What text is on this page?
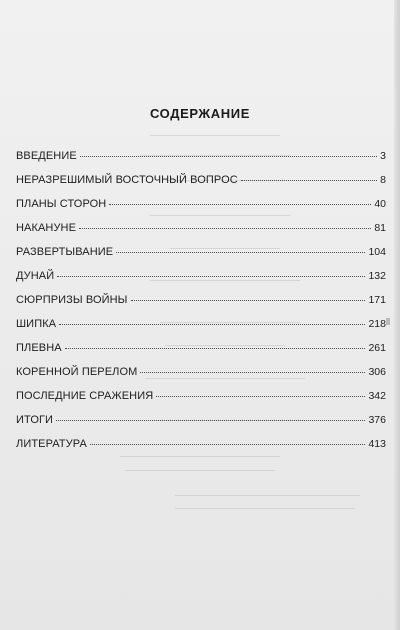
СОДЕРЖАНИЕ
ВВЕДЕНИЕ	3
НЕРАЗРЕШИМЫЙ ВОСТОЧНЫЙ ВОПРОС	8
ПЛАНЫ СТОРОН	40
НАКАНУНЕ	81
РАЗВЕРТЫВАНИЕ	104
ДУНАЙ	132
СЮРПРИЗЫ ВОЙНЫ	171
ШИПКА	218
ПЛЕВНА	261
КОРЕННОЙ ПЕРЕЛОМ	306
ПОСЛЕДНИЕ СРАЖЕНИЯ	342
ИТОГИ	376
ЛИТЕРАТУРА	413
